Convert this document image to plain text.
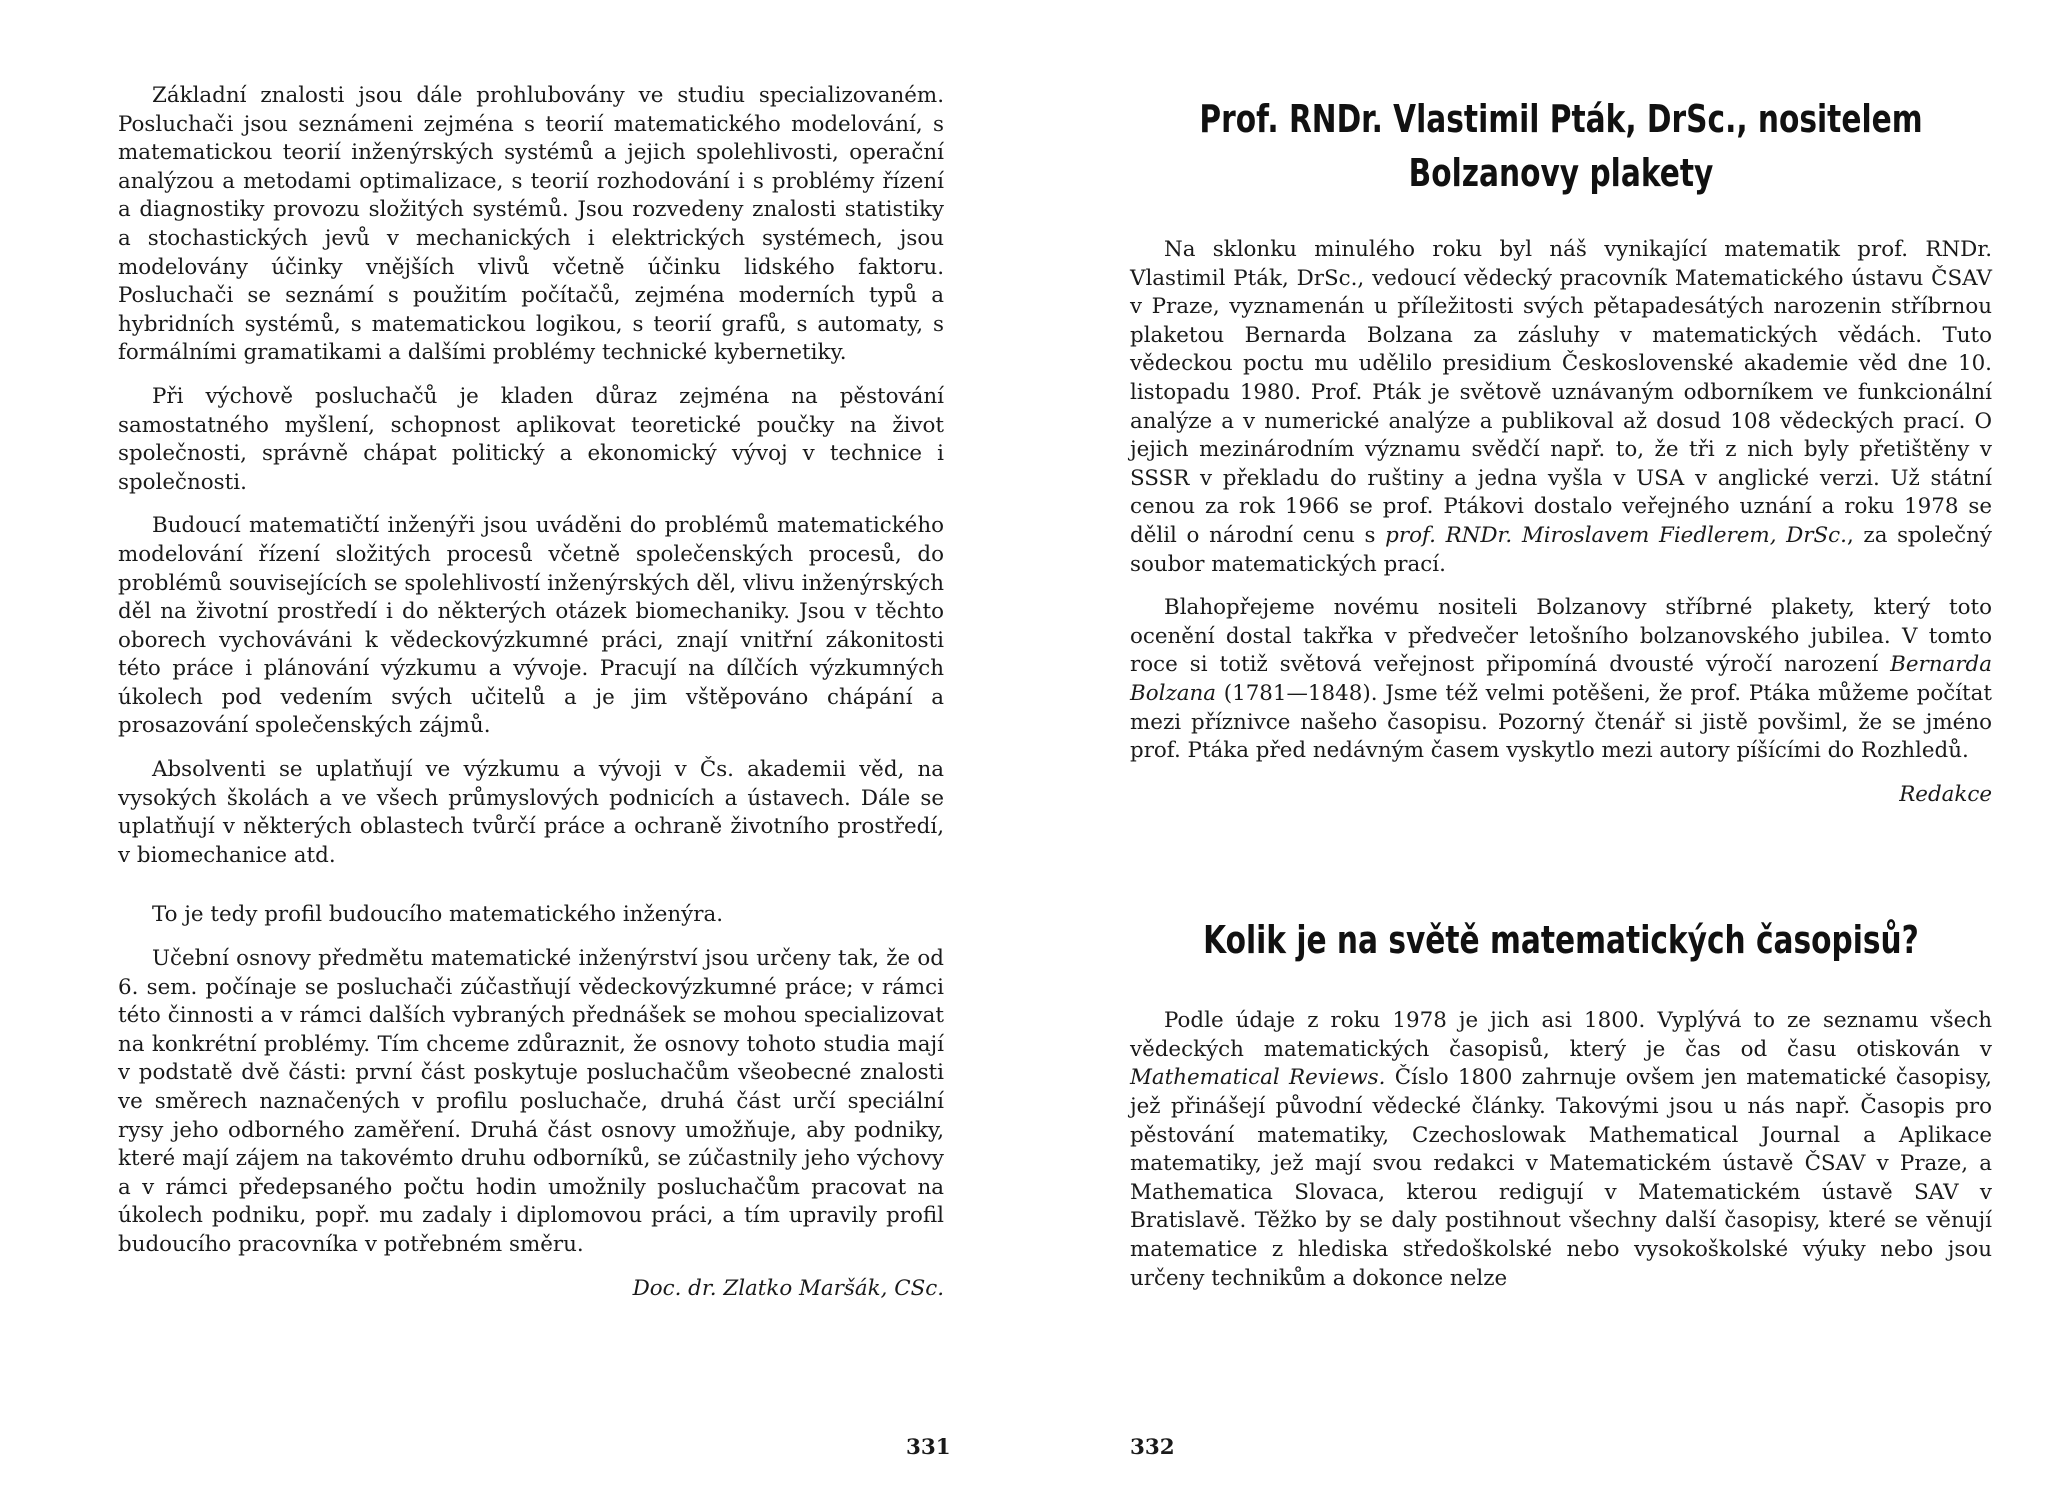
Základní znalosti jsou dále prohlubovány ve studiu specializovaném. Posluchači jsou seznámeni zejména s teorií matematického modelování, s matematickou teorií inženýrských systémů a jejich spolehlivosti, operační analýzou a metodami optimalizace, s teorií rozhodování i s problémy řízení a diagnostiky provozu složitých systémů. Jsou rozvedeny znalosti statistiky a stochastických jevů v mechanických i elektrických systémech, jsou modelovány účinky vnějších vlivů včetně účinku lidského faktoru. Posluchači se seznámí s použitím počítačů, zejména moderních typů a hybridních systémů, s matematickou logikou, s teorií grafů, s automaty, s formálními gramatikami a dalšími problémy technické kybernetiky.

Při výchově posluchačů je kladen důraz zejména na pěstování samostatného myšlení, schopnost aplikovat teoretické poučky na život společnosti, správně chápat politický a ekonomický vývoj v technice i společnosti.

Budoucí matematičtí inženýři jsou uváděni do problémů matematického modelování řízení složitých procesů včetně společenských procesů, do problémů souvisejících se spolehlivostí inženýrských děl, vlivu inženýrských děl na životní prostředí i do některých otázek biomechaniky. Jsou v těchto oborech vychováváni k vědeckovýzkumné práci, znají vnitřní zákonitosti této práce i plánování výzkumu a vývoje. Pracují na dílčích výzkumných úkolech pod vedením svých učitelů a je jim vštěpováno chápání a prosazování společenských zájmů.

Absolventi se uplatňují ve výzkumu a vývoji v Čs. akademii věd, na vysokých školách a ve všech průmyslových podnicích a ústavech. Dále se uplatňují v některých oblastech tvůrčí práce a ochraně životního prostředí, v biomechanice atd.

To je tedy profil budoucího matematického inženýra.

Učební osnovy předmětu matematické inženýrství jsou určeny tak, že od 6. sem. počínaje se posluchači zúčastňují vědeckovýzkumné práce; v rámci této činnosti a v rámci dalších vybraných přednášek se mohou specializovat na konkrétní problémy. Tím chceme zdůraznit, že osnovy tohoto studia mají v podstatě dvě části: první část poskytuje posluchačům všeobecné znalosti ve směrech naznačených v profilu posluchače, druhá část určí speciální rysy jeho odborného zaměření. Druhá část osnovy umožňuje, aby podniky, které mají zájem na takovémto druhu odborníků, se zúčastnily jeho výchovy a v rámci předepsaného počtu hodin umožnily posluchačům pracovat na úkolech podniku, popř. mu zadaly i diplomovou práci, a tím upravily profil budoucího pracovníka v potřebném směru.

Doc. dr. Zlatko Maršák, CSc.

331
Prof. RNDr. Vlastimil Pták, DrSc., nositelem Bolzanovy plakety

Na sklonku minulého roku byl náš vynikající matematik prof. RNDr. Vlastimil Pták, DrSc., vedoucí vědecký pracovník Matematického ústavu ČSAV v Praze, vyznamenán u příležitosti svých pětapadesátých narozenin stříbrnou plaketou Bernarda Bolzana za zásluhy v matematických vědách. Tuto vědeckou poctu mu udělilo presidium Československé akademie věd dne 10. listopadu 1980. Prof. Pták je světově uznávaným odborníkem ve funkcionální analýze a v numerické analýze a publikoval až dosud 108 vědeckých prací. O jejich mezinárodním významu svědčí např. to, že tři z nich byly přetištěny v SSSR v překladu do ruštiny a jedna vyšla v USA v anglické verzi. Už státní cenou za rok 1966 se prof. Ptákovi dostalo veřejného uznání a roku 1978 se dělil o národní cenu s prof. RNDr. Miroslavem Fiedlerem, DrSc., za společný soubor matematických prací.

Blahopřejeme novému nositeli Bolzanovy stříbrné plakety, který toto ocenění dostal takřka v předvečer letošního bolzanovského jubilea. V tomto roce si totiž světová veřejnost připomíná dvousté výročí narození Bernarda Bolzana (1781—1848). Jsme též velmi potěšeni, že prof. Ptáka můžeme počítat mezi příznivce našeho časopisu. Pozorný čtenář si jistě povšiml, že se jméno prof. Ptáka před nedávným časem vyskytlo mezi autory píšícími do Rozhledů.

Redakce

Kolik je na světě matematických časopisů?

Podle údaje z roku 1978 je jich asi 1800. Vyplývá to ze seznamu všech vědeckých matematických časopisů, který je čas od času otiskován v Mathematical Reviews. Číslo 1800 zahrnuje ovšem jen matematické časopisy, jež přinášejí původní vědecké články. Takovými jsou u nás např. Časopis pro pěstování matematiky, Czechoslowak Mathematical Journal a Aplikace matematiky, jež mají svou redakci v Matematickém ústavě ČSAV v Praze, a Mathematica Slovaca, kterou redigují v Matematickém ústavě SAV v Bratislavě. Těžko by se daly postihnout všechny další časopisy, které se věnují matematice z hlediska středoškolské nebo vysokoškolské výuky nebo jsou určeny technikům a dokonce nelze

332
